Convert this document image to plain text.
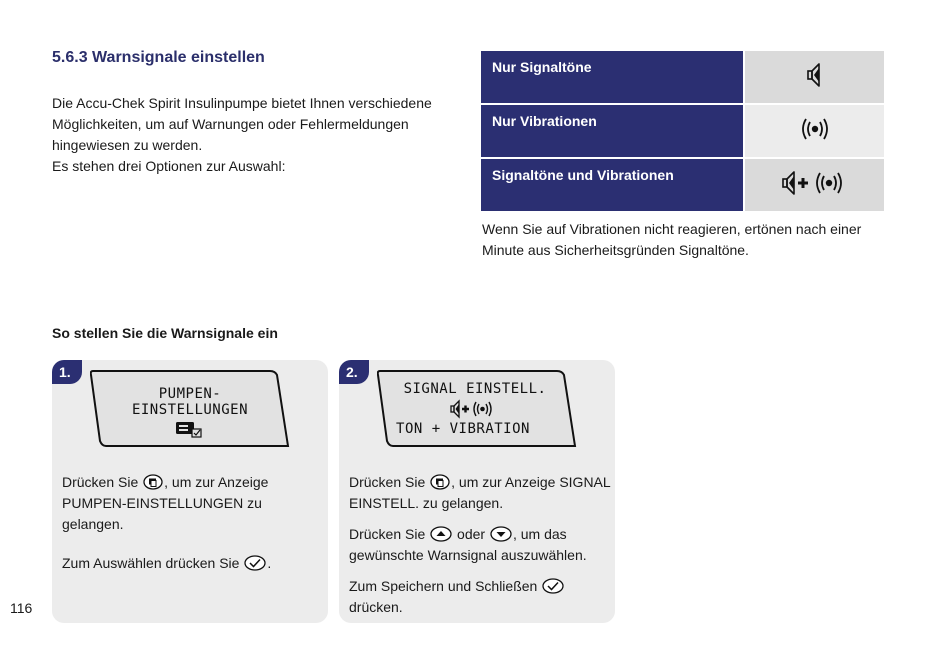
5.6.3 Warnsignale einstellen

Die Accu-Chek Spirit Insulinpumpe bietet Ihnen verschiedene Möglichkeiten, um auf Warnungen oder Fehlermeldungen hingewiesen zu werden.

Es stehen drei Optionen zur Auswahl:

Nur Signaltöne	
Nur Vibrationen	
Signaltöne und Vibrationen	

Wenn Sie auf Vibrationen nicht reagieren, ertönen nach einer Minute aus Sicherheitsgründen Signaltöne.

So stellen Sie die Warnsignale ein
1.
PUMPEN-
EINSTELLUNGEN

Drücken Sie , um zur Anzeige PUMPEN-EINSTELLUNGEN zu gelangen.

Zum Auswählen drücken Sie .

2.
SIGNAL EINSTELL.
TON + VIBRATION

Drücken Sie , um zur Anzeige SIGNAL EINSTELL. zu gelangen.

Drücken Sie  oder , um das gewünschte Warnsignal auszuwählen.

Zum Speichern und Schließen  drücken.

116
